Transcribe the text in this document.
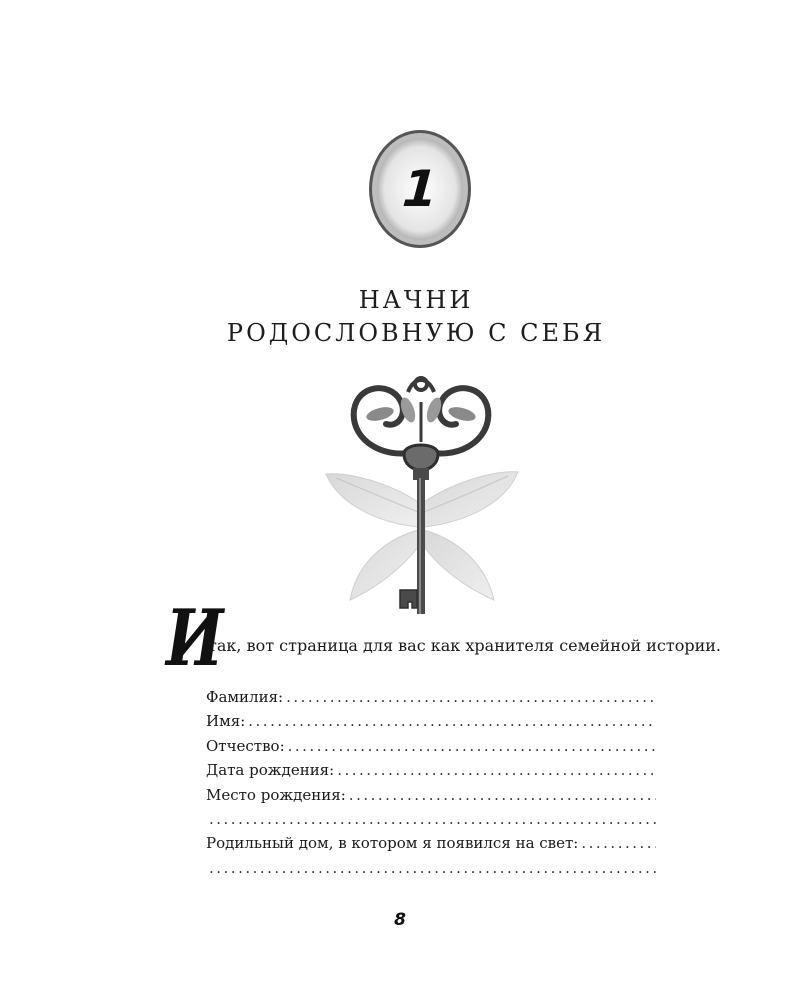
1
НАЧНИ
РОДОСЛОВНУЮ С СЕБЯ
И
так, вот страница для вас как хранителя семейной истории.
Фамилия:
.....
Имя:
.....
Отчество:
.....
Дата рождения:
.....
Место рождения:
.....
.....
Родильный дом, в котором я появился на свет:
.....
.....
8
